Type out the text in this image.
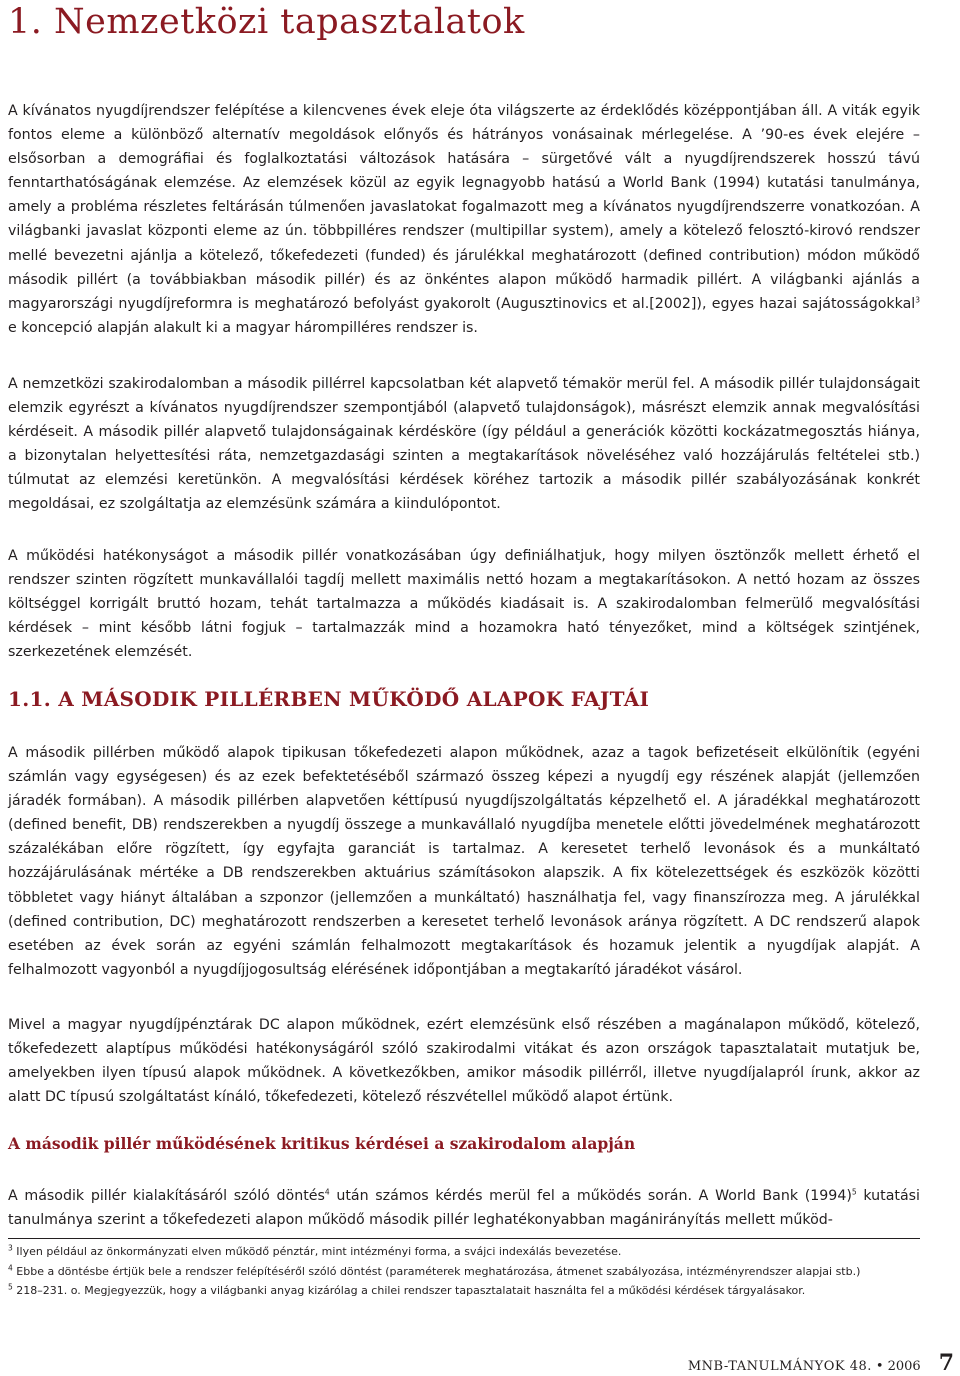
1. Nemzetközi tapasztalatok

A kívánatos nyugdíjrendszer felépítése a kilencvenes évek eleje óta világszerte az érdeklődés középpontjában áll. A viták egyik fontos eleme a különböző alternatív megoldások előnyős és hátrányos vonásainak mérlegelése. A ’90-es évek elejére – elsősorban a demográfiai és foglalkoztatási változások hatására – sürgetővé vált a nyugdíjrendszerek hosszú távú fenntarthatóságának elemzése. Az elemzések közül az egyik legnagyobb hatású a World Bank (1994) kutatási tanulmánya, amely a probléma részletes feltárásán túlmenően javaslatokat fogalmazott meg a kívánatos nyugdíjrendszerre vonatkozóan. A világbanki javaslat központi eleme az ún. többpilléres rendszer (multipillar system), amely a kötelező felosztó-kirovó rendszer mellé bevezetni ajánlja a kötelező, tőkefedezeti (funded) és járulékkal meghatározott (defined contribution) módon működő második pillért (a továbbiakban második pillér) és az önkéntes alapon működő harmadik pillért. A világbanki ajánlás a magyarországi nyugdíjreformra is meghatározó befolyást gyakorolt (Augusztinovics et al.[2002]), egyes hazai sajátosságokkal$^3$ e koncepció alapján alakult ki a magyar hárompilléres rendszer is.

A nemzetközi szakirodalomban a második pillérrel kapcsolatban két alapvető témakör merül fel. A második pillér tulajdonságait elemzik egyrészt a kívánatos nyugdíjrendszer szempontjából (alapvető tulajdonságok), másrészt elemzik annak megvalósítási kérdéseit. A második pillér alapvető tulajdonságainak kérdésköre (így például a generációk közötti kockázatmegosztás hiánya, a bizonytalan helyettesítési ráta, nemzetgazdasági szinten a megtakarítások növeléséhez való hozzájárulás feltételei stb.) túlmutat az elemzési keretünkön. A megvalósítási kérdések köréhez tartozik a második pillér szabályozásának konkrét megoldásai, ez szolgáltatja az elemzésünk számára a kiindulópontot.

A működési hatékonyságot a második pillér vonatkozásában úgy definiálhatjuk, hogy milyen ösztönzők mellett érhető el rendszer szinten rögzített munkavállalói tagdíj mellett maximális nettó hozam a megtakarításokon. A nettó hozam az összes költséggel korrigált bruttó hozam, tehát tartalmazza a működés kiadásait is. A szakirodalomban felmerülő megvalósítási kérdések – mint később látni fogjuk – tartalmazzák mind a hozamokra ható tényezőket, mind a költségek szintjének, szerkezetének elemzését.

1.1. A MÁSODIK PILLÉRBEN MŰKÖDŐ ALAPOK FAJTÁI

A második pillérben működő alapok tipikusan tőkefedezeti alapon működnek, azaz a tagok befizetéseit elkülönítik (egyéni számlán vagy egységesen) és az ezek befektetéséből származó összeg képezi a nyugdíj egy részének alapját (jellemzően járadék formában). A második pillérben alapvetően kéttípusú nyugdíjszolgáltatás képzelhető el. A járadékkal meghatározott (defined benefit, DB) rendszerekben a nyugdíj összege a munkavállaló nyugdíjba menetele előtti jövedelmének meghatározott százalékában előre rögzített, így egyfajta garanciát is tartalmaz. A keresetet terhelő levonások és a munkáltató hozzájárulásának mértéke a DB rendszerekben aktuárius számításokon alapszik. A fix kötelezettségek és eszközök közötti többletet vagy hiányt általában a szponzor (jellemzően a munkáltató) használhatja fel, vagy finanszírozza meg. A járulékkal (defined contribution, DC) meghatározott rendszerben a keresetet terhelő levonások aránya rögzített. A DC rendszerű alapok esetében az évek során az egyéni számlán felhalmozott megtakarítások és hozamuk jelentik a nyugdíjak alapját. A felhalmozott vagyonból a nyugdíjjogosultság elérésének időpontjában a megtakarító járadékot vásárol.

Mivel a magyar nyugdíjpénztárak DC alapon működnek, ezért elemzésünk első részében a magánalapon működő, kötelező, tőkefedezett alaptípus működési hatékonyságáról szóló szakirodalmi vitákat és azon országok tapasztalatait mutatjuk be, amelyekben ilyen típusú alapok működnek. A következőkben, amikor második pillérről, illetve nyugdíjalapról írunk, akkor az alatt DC típusú szolgáltatást kínáló, tőkefedezeti, kötelező részvétellel működő alapot értünk.

A második pillér működésének kritikus kérdései a szakirodalom alapján

A második pillér kialakításáról szóló döntés$^4$ után számos kérdés merül fel a működés során. A World Bank $(1994)^5$ kutatási tanulmánya szerint a tőkefedezeti alapon működő második pillér leghatékonyabban magánirányítás mellett működ-

$^3$ Ilyen például az önkormányzati elven működő pénztár, mint intézményi forma, a svájci indexálás bevezetése.

$^4$ Ebbe a döntésbe értjük bele a rendszer felépítéséről szóló döntést (paraméterek meghatározása, átmenet szabályozása, intézményrendszer alapjai stb.)

$^5$ 218–231. o. Megjegyezzük, hogy a világbanki anyag kizárólag a chilei rendszer tapasztalatait használta fel a működési kérdések tárgyalásakor.

MNB-TANULMÁNYOK 48. • 2006 7
